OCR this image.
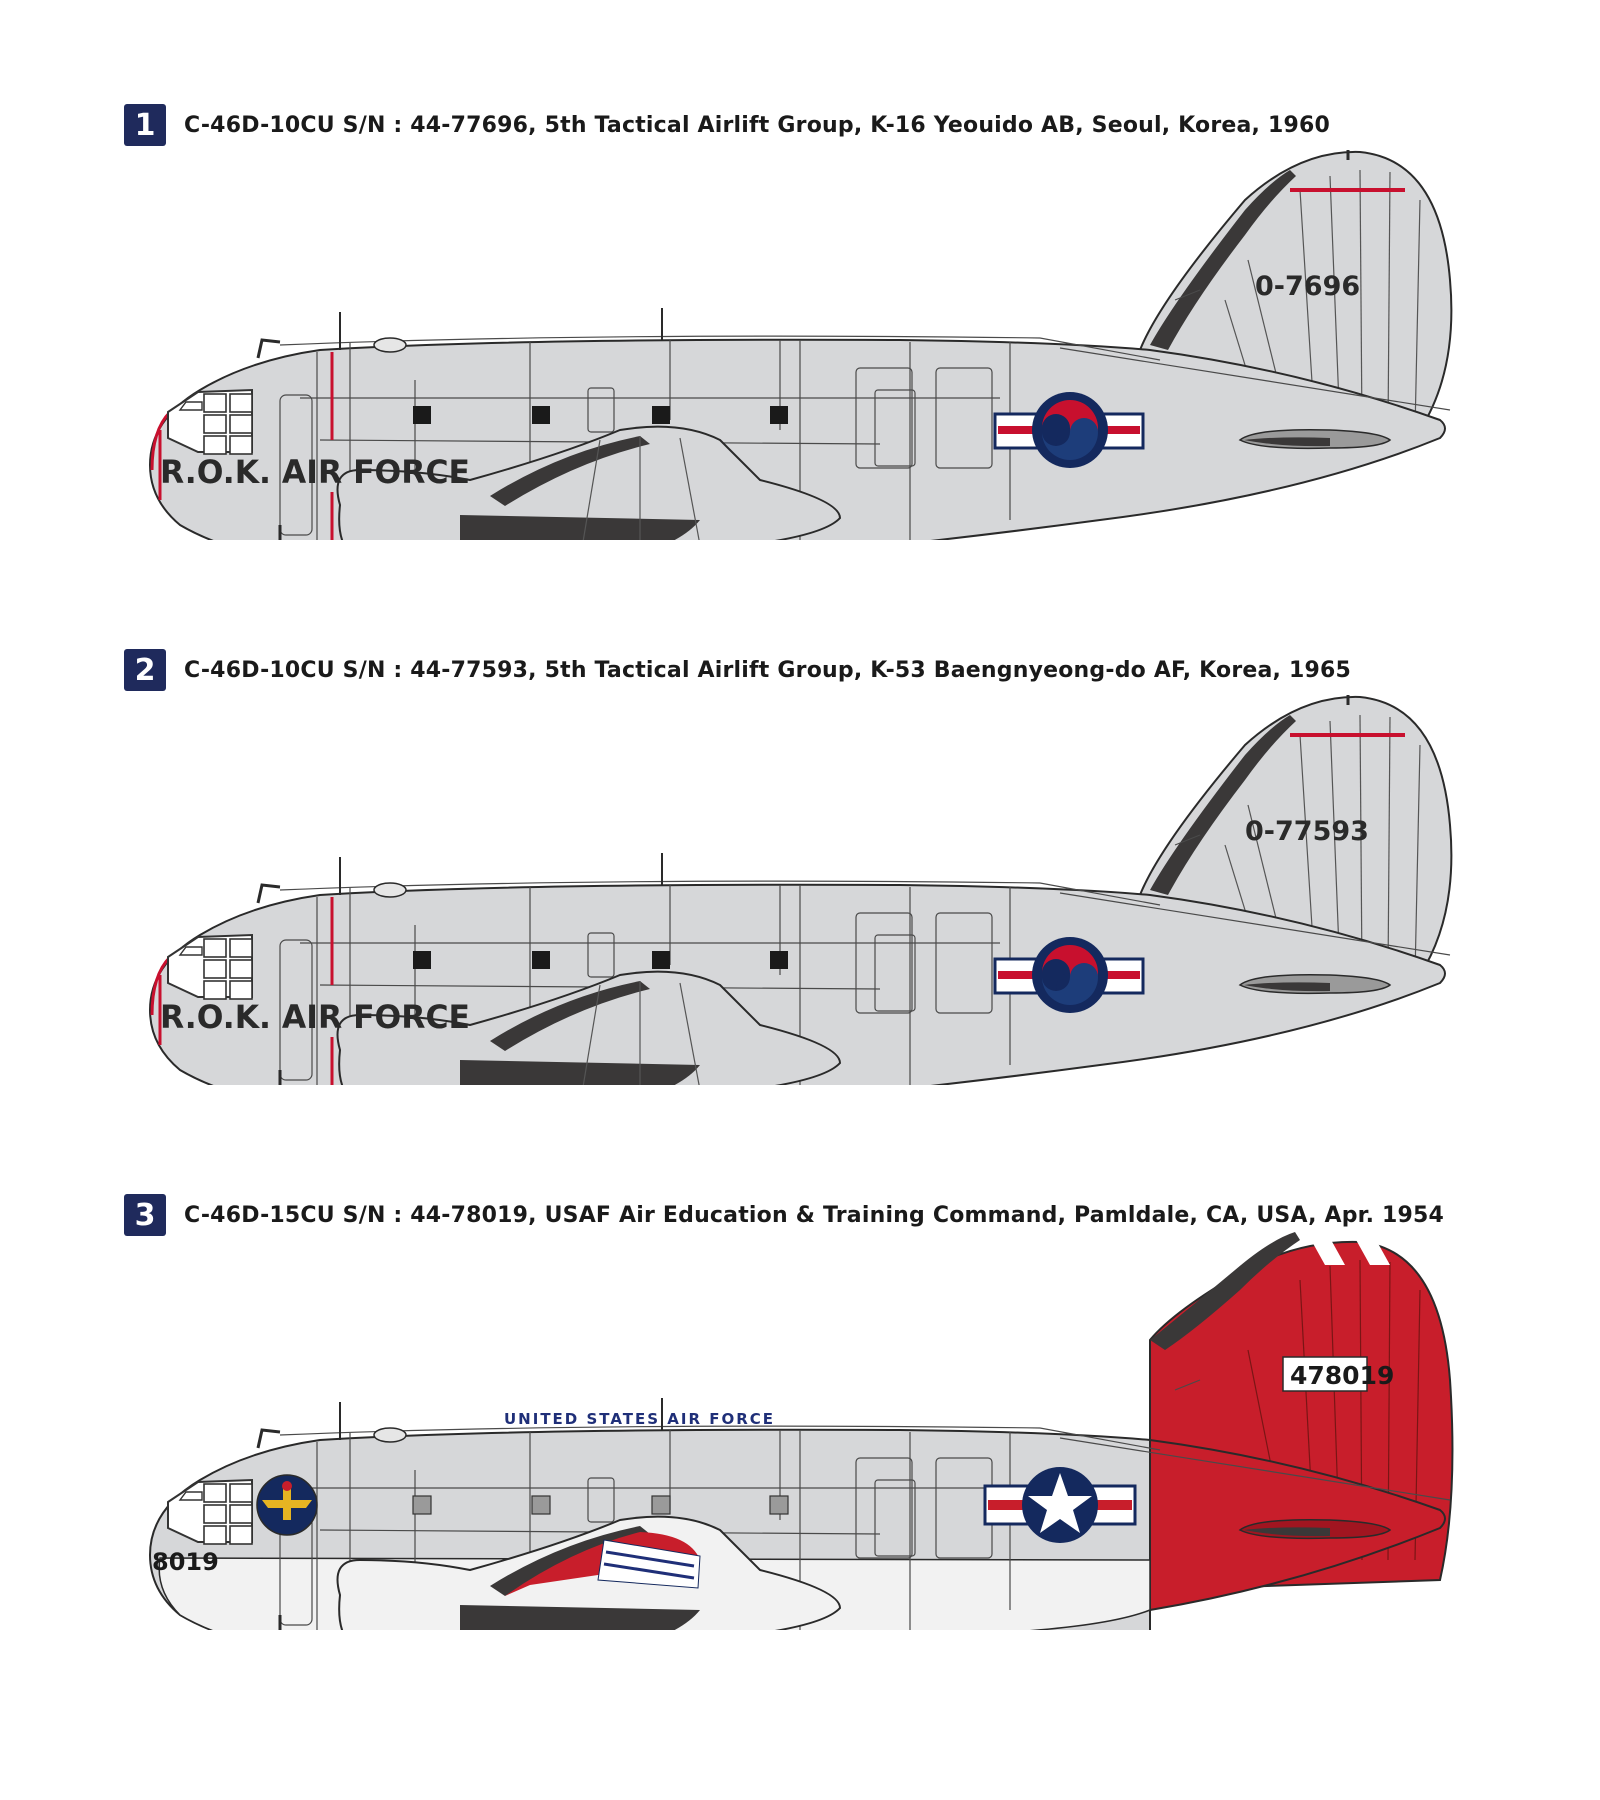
0-7696
R.O.K. AIR FORCE
1	C-46D-10CU S/N : 44-77696, 5th Tactical Airlift Group, K-16 Yeouido AB, Seoul, Korea, 1960
0-77593
R.O.K. AIR FORCE
2	C-46D-10CU S/N : 44-77593, 5th Tactical Airlift Group, K-53 Baengnyeong-do AF, Korea, 1965
478019
8019
UNITED STATES AIR FORCE
3	C-46D-15CU S/N : 44-78019, USAF Air Education & Training Command, Pamldale, CA, USA, Apr. 1954
